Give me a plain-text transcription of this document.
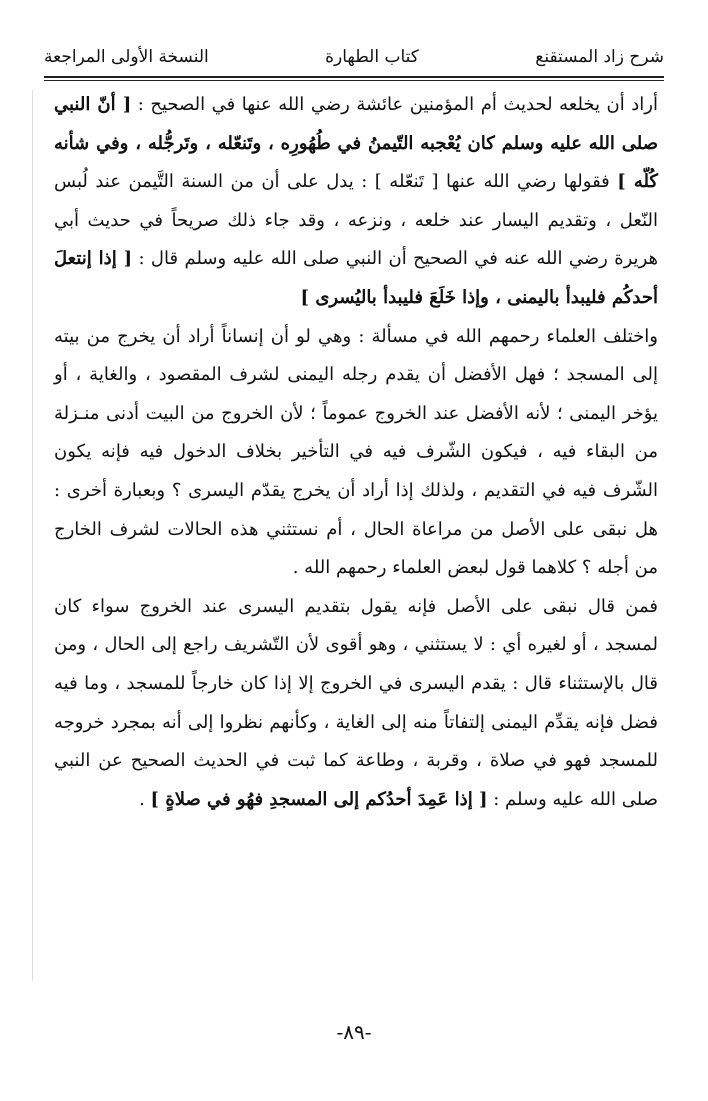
شرح زاد المستقنع
كتاب الطهارة
النسخة الأولى المراجعة

أراد أن يخلعه لحديث أم المؤمنين عائشة رضي الله عنها في الصحيح : [ أنّ النبي صلى الله عليه وسلم كان يُعْجبه التّيمنُ في طُهُورِه ، وتَنعّله ، وتَرجُّله ، وفي شأنه كُلّه ] فقولها رضي الله عنها [ تَنعّله ] : يدل على أن من السنة التَّيمن عند لُبس النّعل ، وتقديم اليسار عند خلعه ، ونزعه ، وقد جاء ذلك صريحاً في حديث أبي هريرة رضي الله عنه في الصحيح أن النبي صلى الله عليه وسلم قال : [ إذا إنتعلَ أحدكُم فليبدأ باليمنى ، وإذا خَلَعَ فليبدأ باليُسرى ]

واختلف العلماء رحمهم الله في مسألة : وهي لو أن إنساناً أراد أن يخرج من بيته إلى المسجد ؛ فهل الأفضل أن يقدم رجله اليمنى لشرف المقصود ، والغاية ، أو يؤخر اليمنى ؛ لأنه الأفضل عند الخروج عموماً ؛ لأن الخروج من البيت أدنى منـزلة من البقاء فيه ، فيكون الشّرف فيه في التأخير بخلاف الدخول فيه فإنه يكون الشّرف فيه في التقديم ، ولذلك إذا أراد أن يخرج يقدّم اليسرى ؟ وبعبارة أخرى : هل نبقى على الأصل من مراعاة الحال ، أم نستثني هذه الحالات لشرف الخارج من أجله ؟ كلاهما قول لبعض العلماء رحمهم الله .

فمن قال نبقى على الأصل فإنه يقول بتقديم اليسرى عند الخروج سواء كان لمسجد ، أو لغيره أي : لا يستثني ، وهو أقوى لأن التّشريف راجع إلى الحال ، ومن قال بالإستثناء قال : يقدم اليسرى في الخروج إلا إذا كان خارجاً للمسجد ، وما فيه فضل فإنه يقدِّم اليمنى إلتفاتاً منه إلى الغاية ، وكأنهم نظروا إلى أنه بمجرد خروجه للمسجد فهو في صلاة ، وقربة ، وطاعة كما ثبت في الحديث الصحيح عن النبي صلى الله عليه وسلم : [ إذا عَمِدَ أحدُكم إلى المسجدِ فهُو في صلاةٍ ] .

-٨٩-
